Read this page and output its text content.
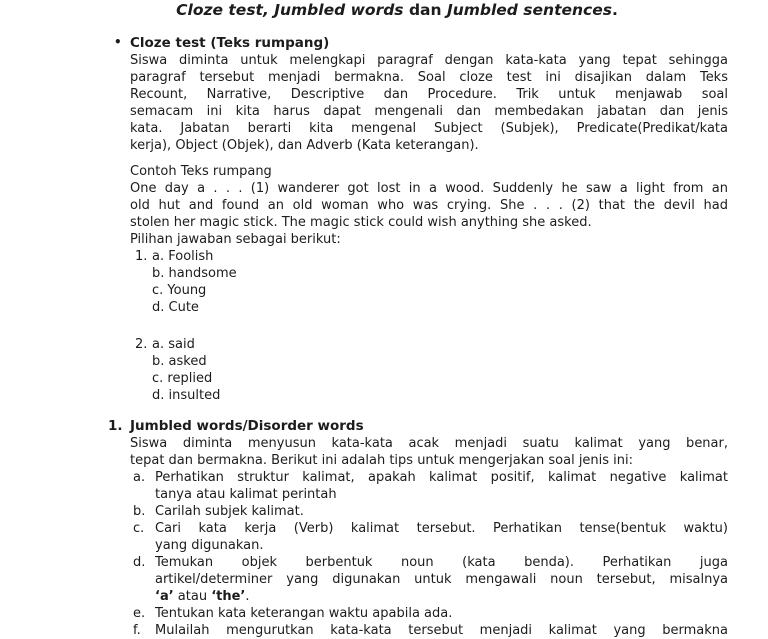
Cloze test, Jumbled words dan Jumbled sentences.
• Cloze test (Teks rumpang)
Siswa diminta untuk melengkapi paragraf dengan kata-kata yang tepat sehingga
paragraf tersebut menjadi bermakna. Soal cloze test ini disajikan dalam Teks
Recount, Narrative, Descriptive dan Procedure. Trik untuk menjawab soal
semacam ini kita harus dapat mengenali dan membedakan jabatan dan jenis
kata. Jabatan berarti kita mengenal Subject (Subjek), Predicate(Predikat/kata
kerja), Object (Objek), dan Adverb (Kata keterangan).
Contoh Teks rumpang
One day a . . . (1) wanderer got lost in a wood. Suddenly he saw a light from an
old hut and found an old woman who was crying. She . . . (2) that the devil had
stolen her magic stick. The magic stick could wish anything she asked.
Pilihan jawaban sebagai berikut:
1. a. Foolish
b. handsome
c. Young
d. Cute
2. a. said
b. asked
c. replied
d. insulted
1. Jumbled words/Disorder words
Siswa diminta menyusun kata-kata acak menjadi suatu kalimat yang benar,
tepat dan bermakna. Berikut ini adalah tips untuk mengerjakan soal jenis ini:
a. Perhatikan struktur kalimat, apakah kalimat positif, kalimat negative kalimat
tanya atau kalimat perintah
b. Carilah subjek kalimat.
c. Cari kata kerja (Verb) kalimat tersebut. Perhatikan tense(bentuk waktu)
yang digunakan.
d. Temukan objek berbentuk noun (kata benda). Perhatikan juga
artikel/determiner yang digunakan untuk mengawali noun tersebut, misalnya
‘a’ atau ‘the’.
e. Tentukan kata keterangan waktu apabila ada.
f. Mulailah mengurutkan kata-kata tersebut menjadi kalimat yang bermakna
